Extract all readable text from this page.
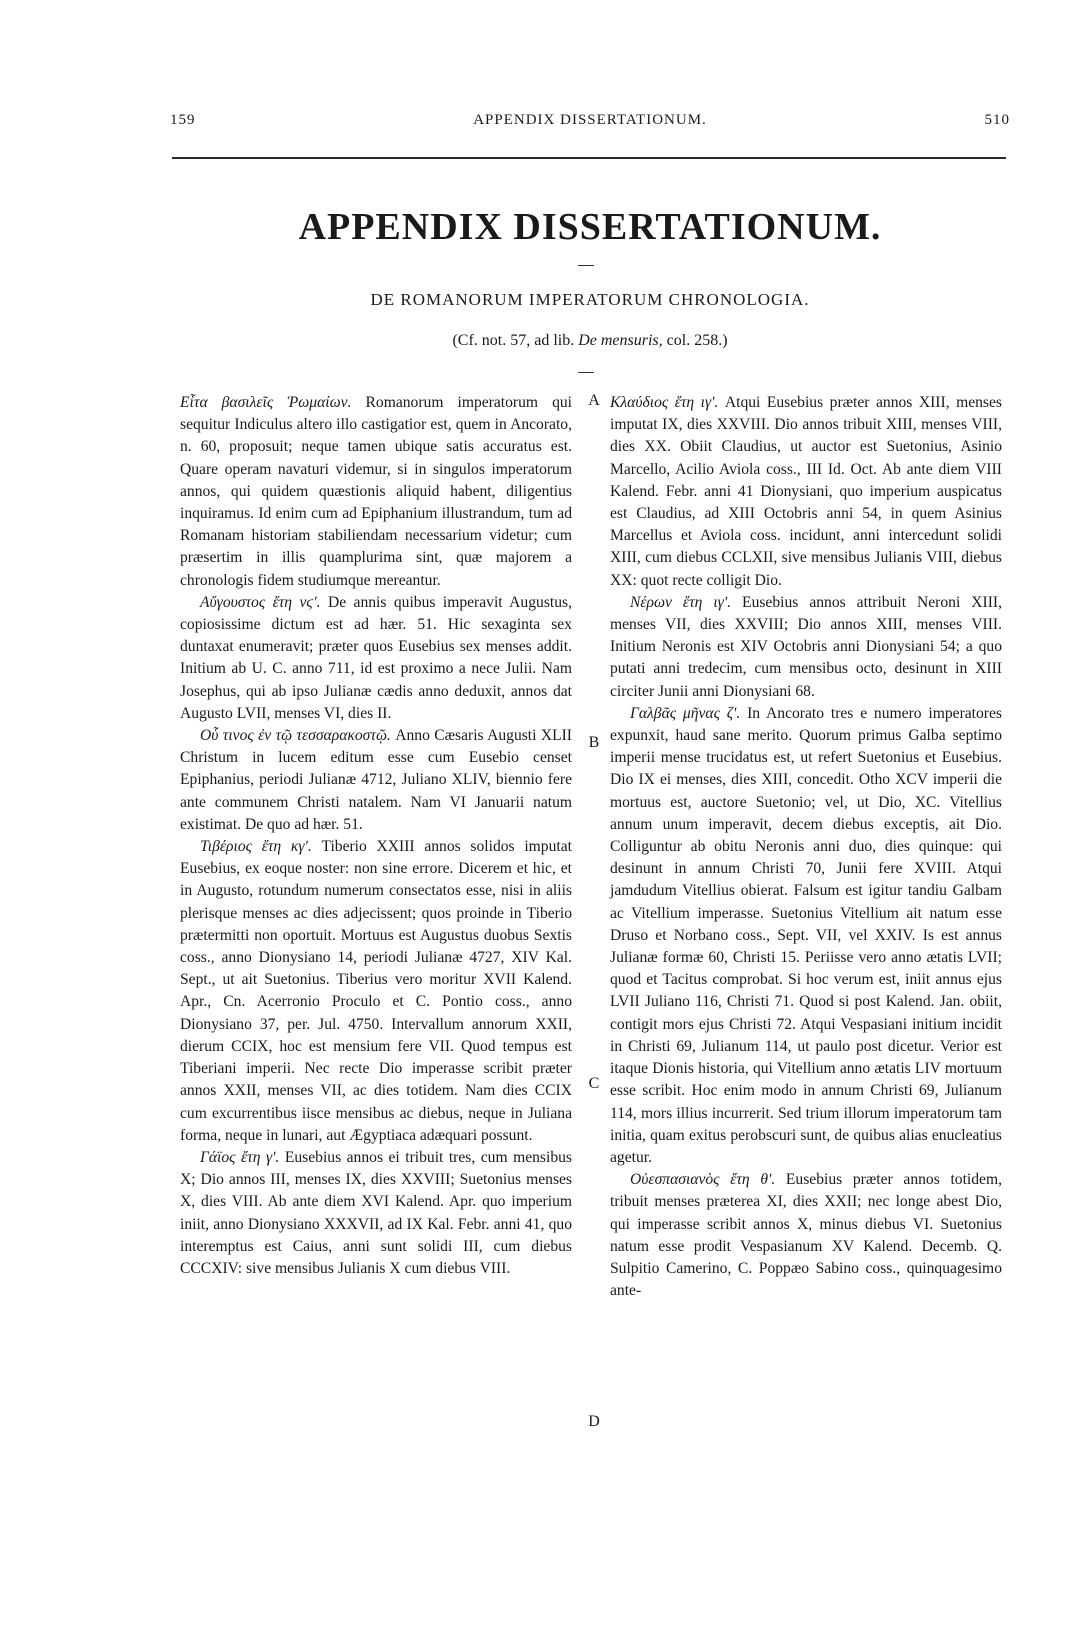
159	APPENDIX DISSERTATIONUM.	510
APPENDIX DISSERTATIONUM.
DE ROMANORUM IMPERATORUM CHRONOLOGIA.
(Cf. not. 57, ad lib. De mensuris, col. 258.)

Εἶτα βασιλεῖς Ῥωμαίων. Romanorum imperatorum qui sequitur Indiculus altero illo castigatior est, quem in Ancorato, n. 60, proposuit; neque tamen ubique satis accuratus est. Quare operam navaturi videmur, si in singulos imperatorum annos, qui quidem quæstionis aliquid habent, diligentius inquiramus. Id enim cum ad Epiphanium illustrandum, tum ad Romanam historiam stabiliendam necessarium videtur; cum præsertim in illis quamplurima sint, quæ majorem a chronologis fidem studiumque mereantur.

Αὔγουστος ἔτη νϛʹ. De annis quibus imperavit Augustus, copiosissime dictum est ad hær. 51. Hic sexaginta sex duntaxat enumeravit; præter quos Eusebius sex menses addit. Initium ab U. C. anno 711, id est proximo a nece Julii. Nam Josephus, qui ab ipso Julianæ cædis anno deduxit, annos dat Augusto LVII, menses VI, dies II.

Οὗ τινος ἐν τῷ τεσσαρακοστῷ. Anno Cæsaris Augusti XLII Christum in lucem editum esse cum Eusebio censet Epiphanius, periodi Julianæ 4712, Juliano XLIV, biennio fere ante communem Christi natalem. Nam VI Januarii natum existimat. De quo ad hær. 51.

Τιβέριος ἔτη κγʹ. Tiberio XXIII annos solidos imputat Eusebius, ex eoque noster: non sine errore. Dicerem et hic, et in Augusto, rotundum numerum consectatos esse, nisi in aliis plerisque menses ac dies adjecissent; quos proinde in Tiberio prætermitti non oportuit. Mortuus est Augustus duobus Sextis coss., anno Dionysiano 14, periodi Julianæ 4727, XIV Kal. Sept., ut ait Suetonius. Tiberius vero moritur XVII Kalend. Apr., Cn. Acerronio Proculo et C. Pontio coss., anno Dionysiano 37, per. Jul. 4750. Intervallum annorum XXII, dierum CCIX, hoc est mensium fere VII. Quod tempus est Tiberiani imperii. Nec recte Dio imperasse scribit præter annos XXII, menses VII, ac dies totidem. Nam dies CCIX cum excurrentibus iisce mensibus ac diebus, neque in Juliana forma, neque in lunari, aut Ægyptiaca adæquari possunt.

Γάϊος ἔτη γʹ. Eusebius annos ei tribuit tres, cum mensibus X; Dio annos III, menses IX, dies XXVIII; Suetonius menses X, dies VIII. Ab ante diem XVI Kalend. Apr. quo imperium iniit, anno Dionysiano XXXVII, ad IX Kal. Febr. anni 41, quo interemptus est Caius, anni sunt solidi III, cum diebus CCCXIV: sive mensibus Julianis X cum diebus VIII.

A
B
C
D

Κλαύδιος ἔτη ιγʹ. Atqui Eusebius præter annos XIII, menses imputat IX, dies XXVIII. Dio annos tribuit XIII, menses VIII, dies XX. Obiit Claudius, ut auctor est Suetonius, Asinio Marcello, Acilio Aviola coss., III Id. Oct. Ab ante diem VIII Kalend. Febr. anni 41 Dionysiani, quo imperium auspicatus est Claudius, ad XIII Octobris anni 54, in quem Asinius Marcellus et Aviola coss. incidunt, anni intercedunt solidi XIII, cum diebus CCLXII, sive mensibus Julianis VIII, diebus XX: quot recte colligit Dio.

Νέρων ἔτη ιγʹ. Eusebius annos attribuit Neroni XIII, menses VII, dies XXVIII; Dio annos XIII, menses VIII. Initium Neronis est XIV Octobris anni Dionysiani 54; a quo putati anni tredecim, cum mensibus octo, desinunt in XIII circiter Junii anni Dionysiani 68.

Γαλβᾶς μῆνας ζʹ. In Ancorato tres e numero imperatores expunxit, haud sane merito. Quorum primus Galba septimo imperii mense trucidatus est, ut refert Suetonius et Eusebius. Dio IX ei menses, dies XIII, concedit. Otho XCV imperii die mortuus est, auctore Suetonio; vel, ut Dio, XC. Vitellius annum unum imperavit, decem diebus exceptis, ait Dio. Colliguntur ab obitu Neronis anni duo, dies quinque: qui desinunt in annum Christi 70, Junii fere XVIII. Atqui jamdudum Vitellius obierat. Falsum est igitur tandiu Galbam ac Vitellium imperasse. Suetonius Vitellium ait natum esse Druso et Norbano coss., Sept. VII, vel XXIV. Is est annus Julianæ formæ 60, Christi 15. Periisse vero anno ætatis LVII; quod et Tacitus comprobat. Si hoc verum est, iniit annus ejus LVII Juliano 116, Christi 71. Quod si post Kalend. Jan. obiit, contigit mors ejus Christi 72. Atqui Vespasiani initium incidit in Christi 69, Julianum 114, ut paulo post dicetur. Verior est itaque Dionis historia, qui Vitellium anno ætatis LIV mortuum esse scribit. Hoc enim modo in annum Christi 69, Julianum 114, mors illius incurrerit. Sed trium illorum imperatorum tam initia, quam exitus perobscuri sunt, de quibus alias enucleatius agetur.

Οὐεσπασιανὸς ἔτη θʹ. Eusebius præter annos totidem, tribuit menses præterea XI, dies XXII; nec longe abest Dio, qui imperasse scribit annos X, minus diebus VI. Suetonius natum esse prodit Vespasianum XV Kalend. Decemb. Q. Sulpitio Camerino, C. Poppæo Sabino coss., quinquagesimo ante-
